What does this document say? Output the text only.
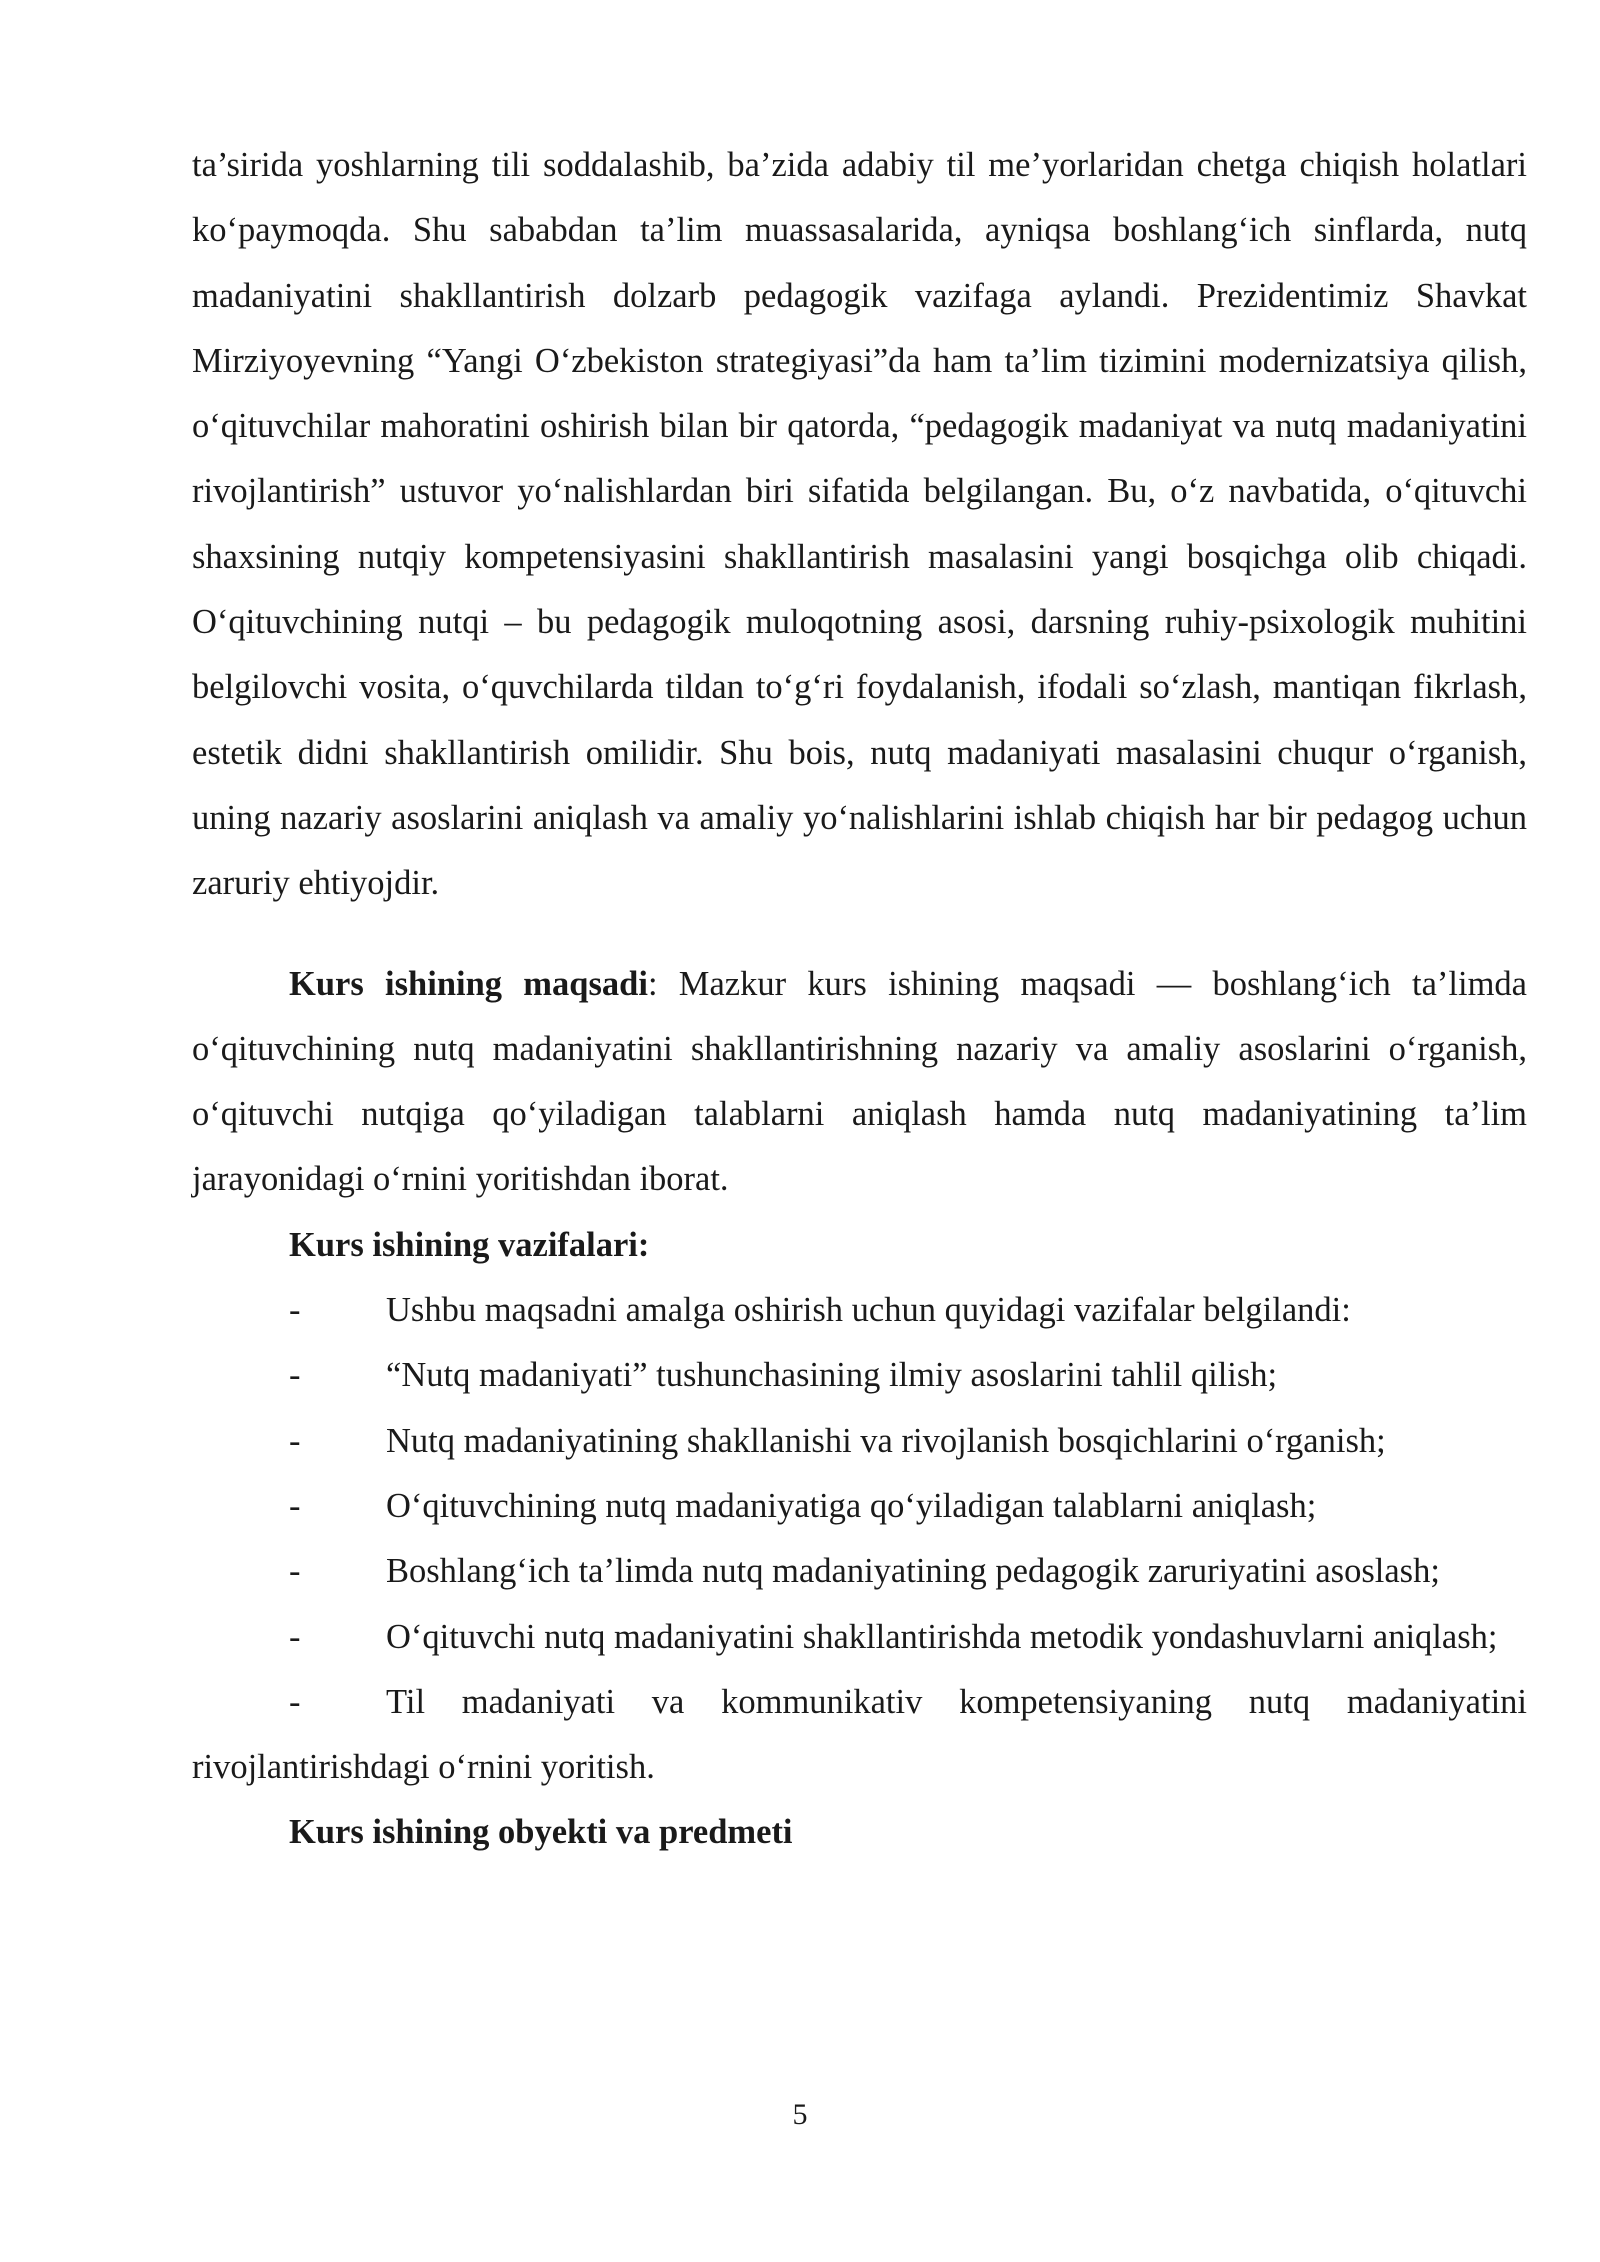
ta’sirida yoshlarning tili soddalashib, ba’zida adabiy til me’yorlaridan chetga chiqish holatlari ko‘paymoqda. Shu sababdan ta’lim muassasalarida, ayniqsa boshlang‘ich sinflarda, nutq madaniyatini shakllantirish dolzarb pedagogik vazifaga aylandi. Prezidentimiz Shavkat Mirziyoyevning “Yangi O‘zbekiston strategiyasi”da ham ta’lim tizimini modernizatsiya qilish, o‘qituvchilar mahoratini oshirish bilan bir qatorda, “pedagogik madaniyat va nutq madaniyatini rivojlantirish” ustuvor yo‘nalishlardan biri sifatida belgilangan. Bu, o‘z navbatida, o‘qituvchi shaxsining nutqiy kompetensiyasini shakllantirish masalasini yangi bosqichga olib chiqadi. O‘qituvchining nutqi – bu pedagogik muloqotning asosi, darsning ruhiy-psixologik muhitini belgilovchi vosita, o‘quvchilarda tildan to‘g‘ri foydalanish, ifodali so‘zlash, mantiqan fikrlash, estetik didni shakllantirish omilidir. Shu bois, nutq madaniyati masalasini chuqur o‘rganish, uning nazariy asoslarini aniqlash va amaliy yo‘nalishlarini ishlab chiqish har bir pedagog uchun zaruriy ehtiyojdir.

Kurs ishining maqsadi: Mazkur kurs ishining maqsadi — boshlang‘ich ta’limda o‘qituvchining nutq madaniyatini shakllantirishning nazariy va amaliy asoslarini o‘rganish, o‘qituvchi nutqiga qo‘yiladigan talablarni aniqlash hamda nutq madaniyatining ta’lim jarayonidagi o‘rnini yoritishdan iborat.

Kurs ishining vazifalari:

- Ushbu maqsadni amalga oshirish uchun quyidagi vazifalar belgilandi:

- “Nutq madaniyati” tushunchasining ilmiy asoslarini tahlil qilish;

- Nutq madaniyatining shakllanishi va rivojlanish bosqichlarini o‘rganish;

- O‘qituvchining nutq madaniyatiga qo‘yiladigan talablarni aniqlash;

- Boshlang‘ich ta’limda nutq madaniyatining pedagogik zaruriyatini asoslash;

- O‘qituvchi nutq madaniyatini shakllantirishda metodik yondashuvlarni aniqlash;

- Til madaniyati va kommunikativ kompetensiyaning nutq madaniyatini rivojlantirishdagi o‘rnini yoritish.

Kurs ishining obyekti va predmeti

5
